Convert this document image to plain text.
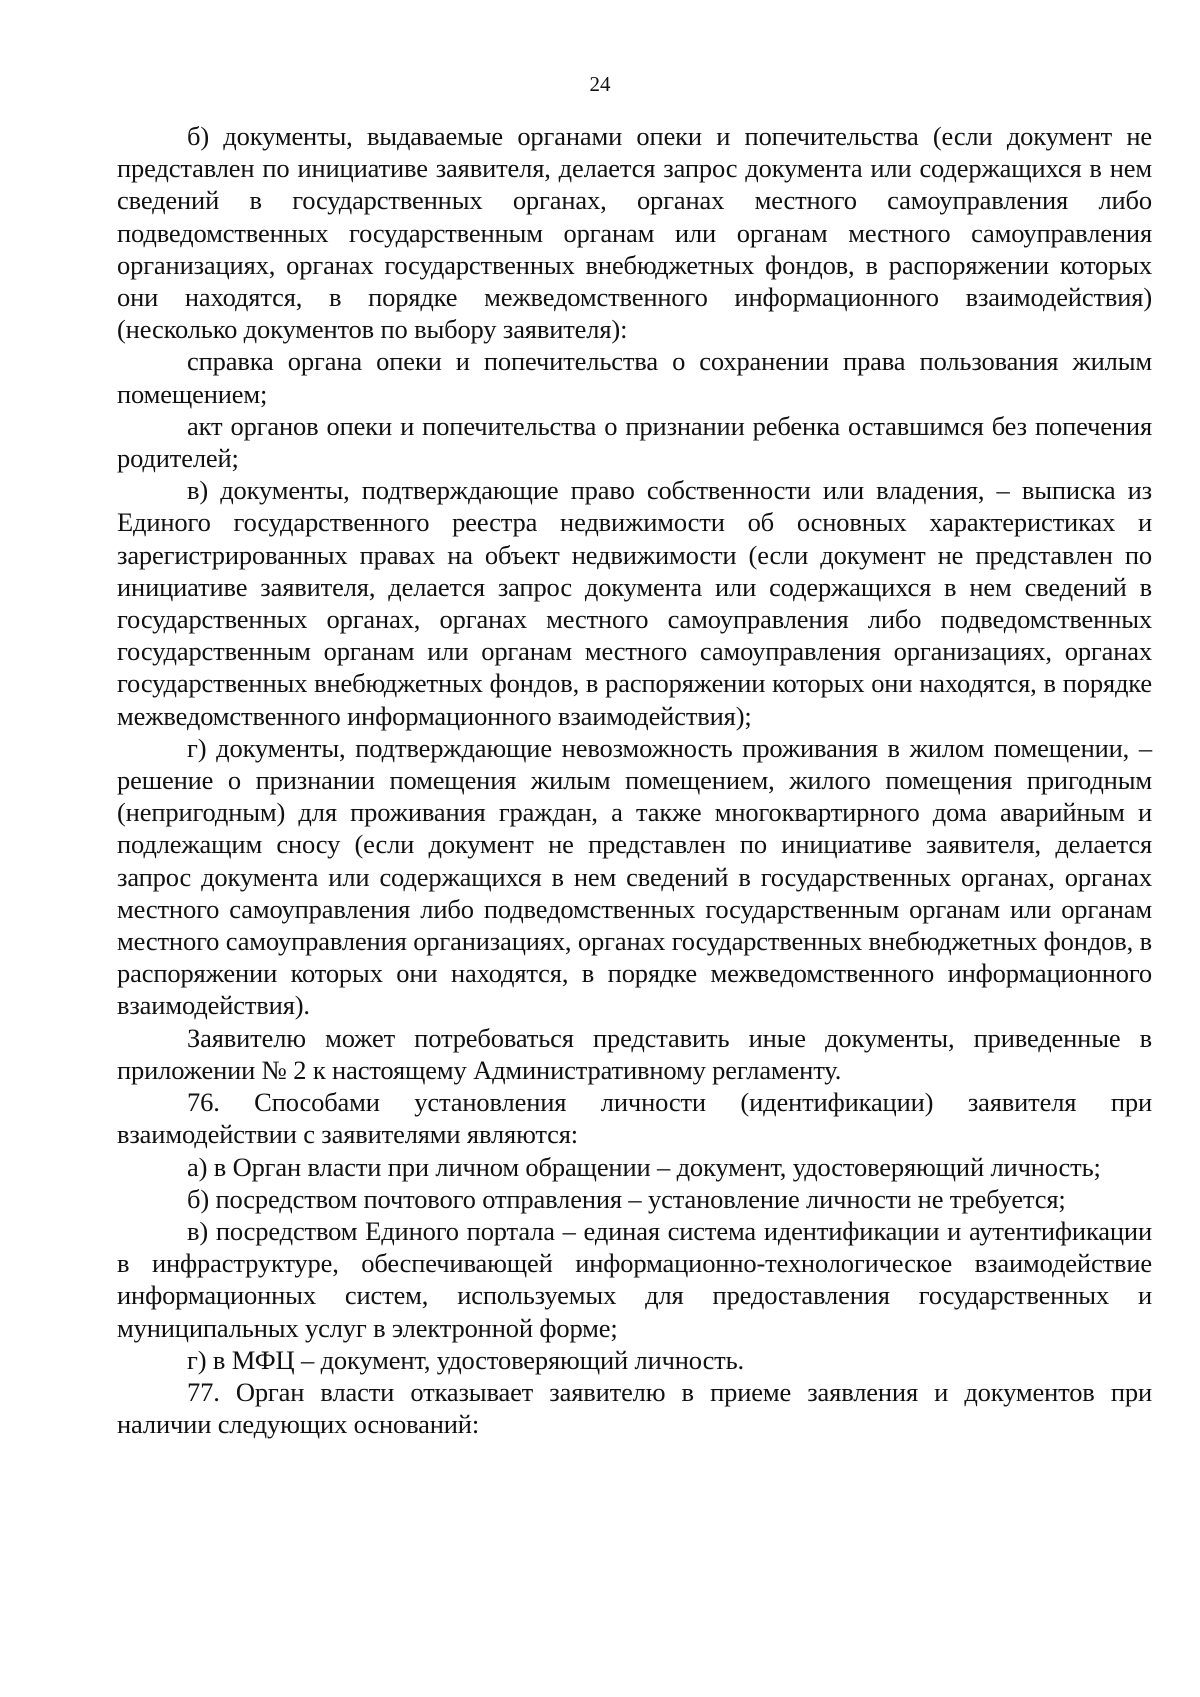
24

б) документы, выдаваемые органами опеки и попечительства (если документ не представлен по инициативе заявителя, делается запрос документа или содержащихся в нем сведений в государственных органах, органах местного самоуправления либо подведомственных государственным органам или органам местного самоуправления организациях, органах государственных внебюджетных фондов, в распоряжении которых они находятся, в порядке межведомственного информационного взаимодействия) (несколько документов по выбору заявителя):

справка органа опеки и попечительства о сохранении права пользования жилым помещением;

акт органов опеки и попечительства о признании ребенка оставшимся без попечения родителей;

в) документы, подтверждающие право собственности или владения, – выписка из Единого государственного реестра недвижимости об основных характеристиках и зарегистрированных правах на объект недвижимости (если документ не представлен по инициативе заявителя, делается запрос документа или содержащихся в нем сведений в государственных органах, органах местного самоуправления либо подведомственных государственным органам или органам местного самоуправления организациях, органах государственных внебюджетных фондов, в распоряжении которых они находятся, в порядке межведомственного информационного взаимодействия);

г) документы, подтверждающие невозможность проживания в жилом помещении, – решение о признании помещения жилым помещением, жилого помещения пригодным (непригодным) для проживания граждан, а также многоквартирного дома аварийным и подлежащим сносу (если документ не представлен по инициативе заявителя, делается запрос документа или содержащихся в нем сведений в государственных органах, органах местного самоуправления либо подведомственных государственным органам или органам местного самоуправления организациях, органах государственных внебюджетных фондов, в распоряжении которых они находятся, в порядке межведомственного информационного взаимодействия).

Заявителю может потребоваться представить иные документы, приведенные в приложении № 2 к настоящему Административному регламенту.

76. Способами установления личности (идентификации) заявителя при взаимодействии с заявителями являются:

а) в Орган власти при личном обращении – документ, удостоверяющий личность;

б) посредством почтового отправления – установление личности не требуется;

в) посредством Единого портала – единая система идентификации и аутентификации в инфраструктуре, обеспечивающей информационно-технологическое взаимодействие информационных систем, используемых для предоставления государственных и муниципальных услуг в электронной форме;

г) в МФЦ – документ, удостоверяющий личность.

77. Орган власти отказывает заявителю в приеме заявления и документов при наличии следующих оснований:
